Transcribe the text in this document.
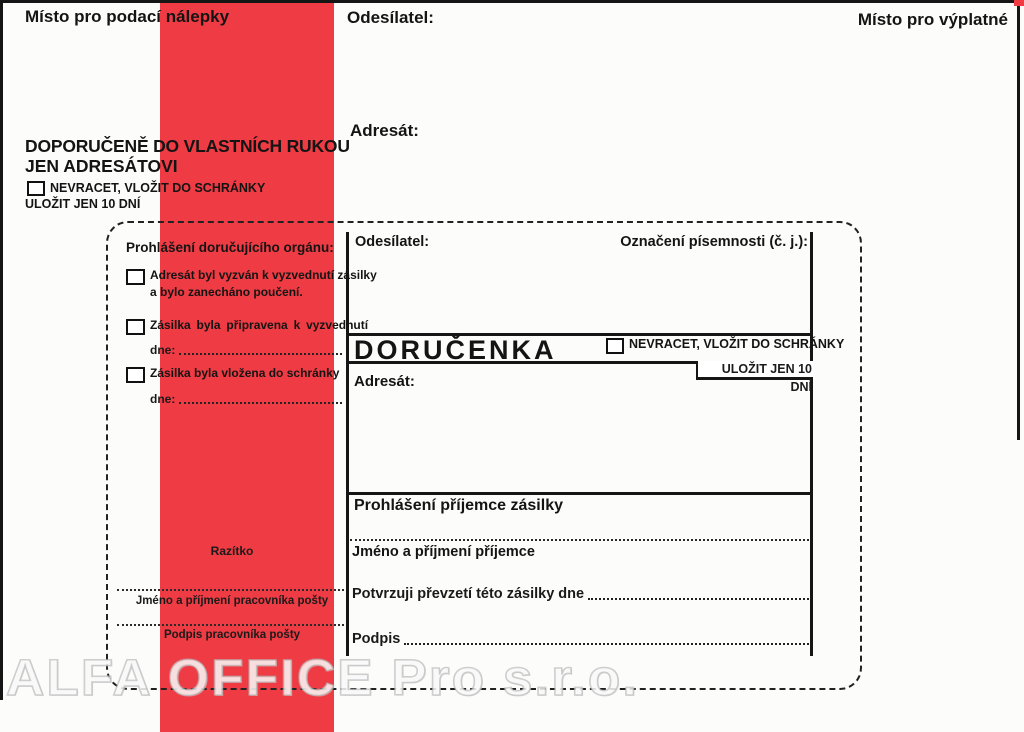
Místo pro podací nálepky	Odesílatel:	Místo pro výplatné
Adresát:
DOPORUČENĚ DO VLASTNÍCH RUKOU
JEN ADRESÁTOVI
NEVRACET, VLOŽIT DO SCHRÁNKY
ULOŽIT JEN 10 DNÍ
Prohlášení doručujícího orgánu:
Adresát byl vyzván k vyzvednutí zásilky
a bylo zanecháno poučení.
Zásilka byla připravena k vyzvednutí
dne:
Zásilka byla vložena do schránky
dne:
Razítko
Jméno a příjmení pracovníka pošty
Podpis pracovníka pošty
Odesílatel:	Označení písemnosti (č. j.):
DORUČENKA	NEVRACET, VLOŽIT DO SCHRÁNKY
ULOŽIT JEN 10 DNÍ
Adresát:
Prohlášení příjemce zásilky
Jméno a příjmení příjemce
Potvrzuji převzetí této zásilky dne
Podpis
ALFA OFFICE Pro s.r.o.
